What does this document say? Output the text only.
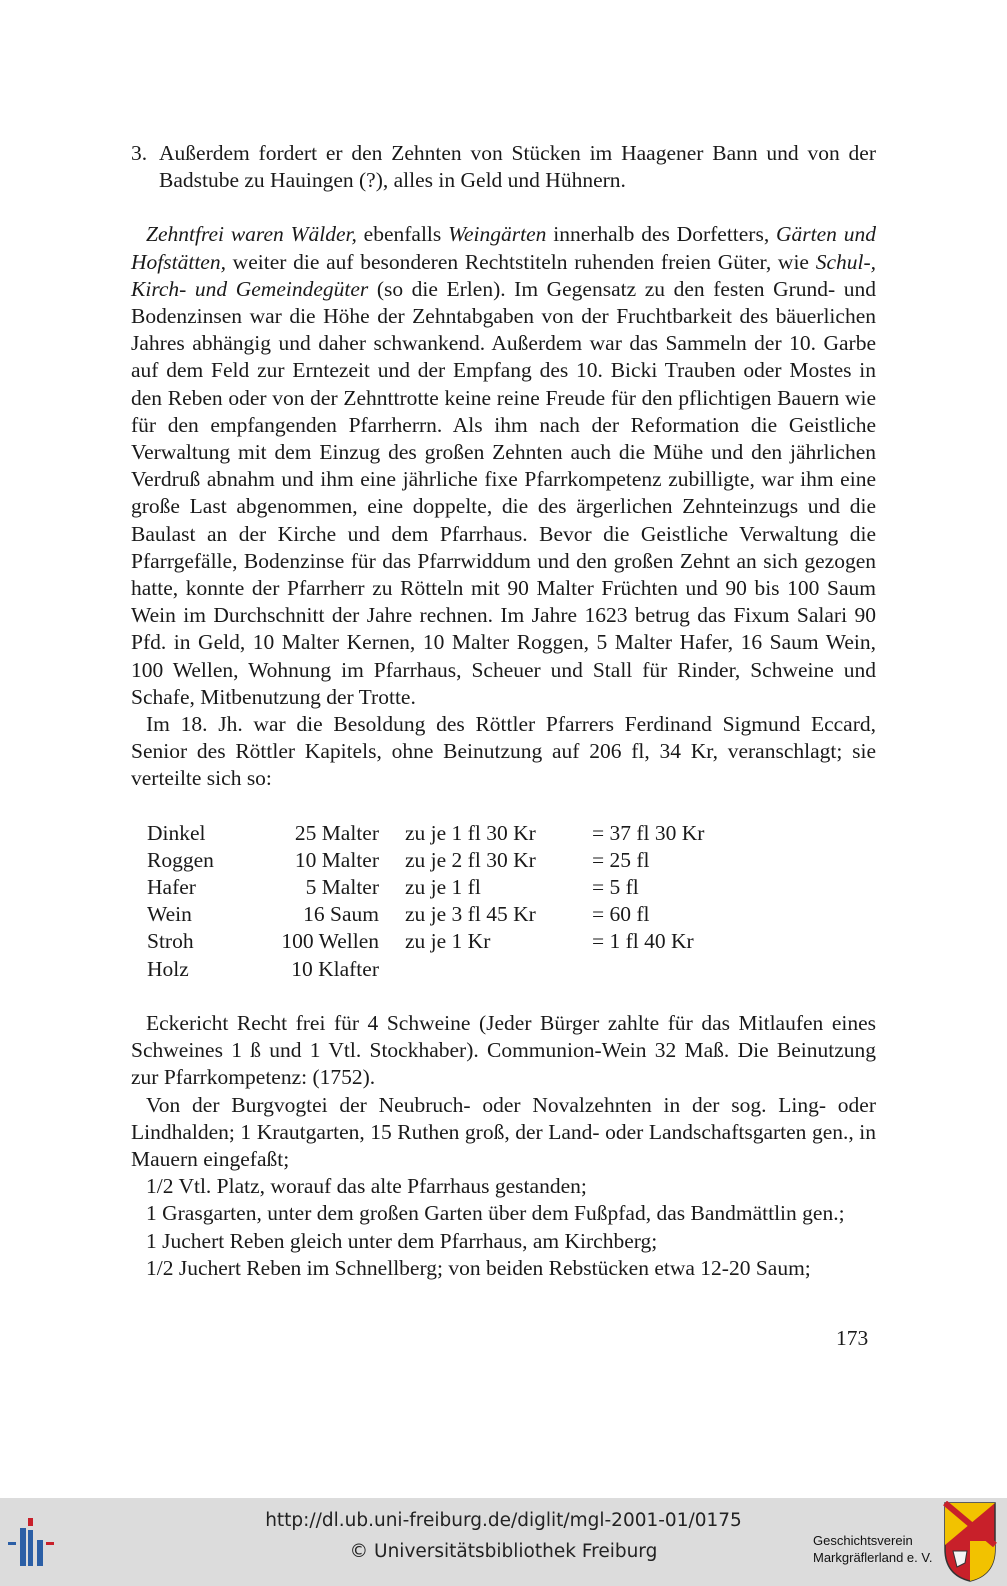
3. Außerdem fordert er den Zehnten von Stücken im Haagener Bann und von der Badstube zu Hauingen (?), alles in Geld und Hühnern.

Zehntfrei waren Wälder, ebenfalls Weingärten innerhalb des Dorfetters, Gärten und Hofstätten, weiter die auf besonderen Rechtstiteln ruhenden freien Güter, wie Schul-, Kirch- und Gemeindegüter (so die Erlen). Im Gegensatz zu den festen Grund- und Bodenzinsen war die Höhe der Zehntabgaben von der Fruchtbarkeit des bäuerlichen Jahres abhängig und daher schwankend. Außerdem war das Sammeln der 10. Garbe auf dem Feld zur Erntezeit und der Empfang des 10. Bicki Trauben oder Mostes in den Reben oder von der Zehnttrotte keine reine Freude für den pflichtigen Bauern wie für den empfangenden Pfarrherrn. Als ihm nach der Reformation die Geistliche Verwaltung mit dem Einzug des großen Zehnten auch die Mühe und den jährlichen Verdruß abnahm und ihm eine jährliche fixe Pfarrkompetenz zubilligte, war ihm eine große Last abgenommen, eine doppelte, die des ärgerlichen Zehnteinzugs und die Baulast an der Kirche und dem Pfarrhaus. Bevor die Geistliche Verwaltung die Pfarrgefälle, Bodenzinse für das Pfarrwiddum und den großen Zehnt an sich gezogen hatte, konnte der Pfarrherr zu Rötteln mit 90 Malter Früchten und 90 bis 100 Saum Wein im Durchschnitt der Jahre rechnen. Im Jahre 1623 betrug das Fixum Salari 90 Pfd. in Geld, 10 Malter Kernen, 10 Malter Roggen, 5 Malter Hafer, 16 Saum Wein, 100 Wellen, Wohnung im Pfarrhaus, Scheuer und Stall für Rinder, Schweine und Schafe, Mitbenutzung der Trotte.

Im 18. Jh. war die Besoldung des Röttler Pfarrers Ferdinand Sigmund Eccard, Senior des Röttler Kapitels, ohne Beinutzung auf 206 fl, 34 Kr, veranschlagt; sie verteilte sich so:

Dinkel	25 Malter	zu je 1 fl 30 Kr	= 37 fl 30 Kr
Roggen	10 Malter	zu je 2 fl 30 Kr	= 25 fl
Hafer	5 Malter	zu je 1 fl	= 5 fl
Wein	16 Saum	zu je 3 fl 45 Kr	= 60 fl
Stroh	100 Wellen	zu je 1 Kr	= 1 fl 40 Kr
Holz	10 Klafter		

Eckericht Recht frei für 4 Schweine (Jeder Bürger zahlte für das Mitlaufen eines Schweines 1 ß und 1 Vtl. Stockhaber). Communion-Wein 32 Maß. Die Beinutzung zur Pfarrkompetenz: (1752).

Von der Burgvogtei der Neubruch- oder Novalzehnten in der sog. Ling- oder Lindhalden; 1 Krautgarten, 15 Ruthen groß, der Land- oder Landschaftsgarten gen., in Mauern eingefaßt;

1/2 Vtl. Platz, worauf das alte Pfarrhaus gestanden;

1 Grasgarten, unter dem großen Garten über dem Fußpfad, das Bandmättlin gen.;

1 Juchert Reben gleich unter dem Pfarrhaus, am Kirchberg;

1/2 Juchert Reben im Schnellberg; von beiden Rebstücken etwa 12-20 Saum;

173
http://dl.ub.uni-freiburg.de/diglit/mgl-2001-01/0175
© Universitätsbibliothek Freiburg
Geschichtsverein
Markgräflerland e. V.
